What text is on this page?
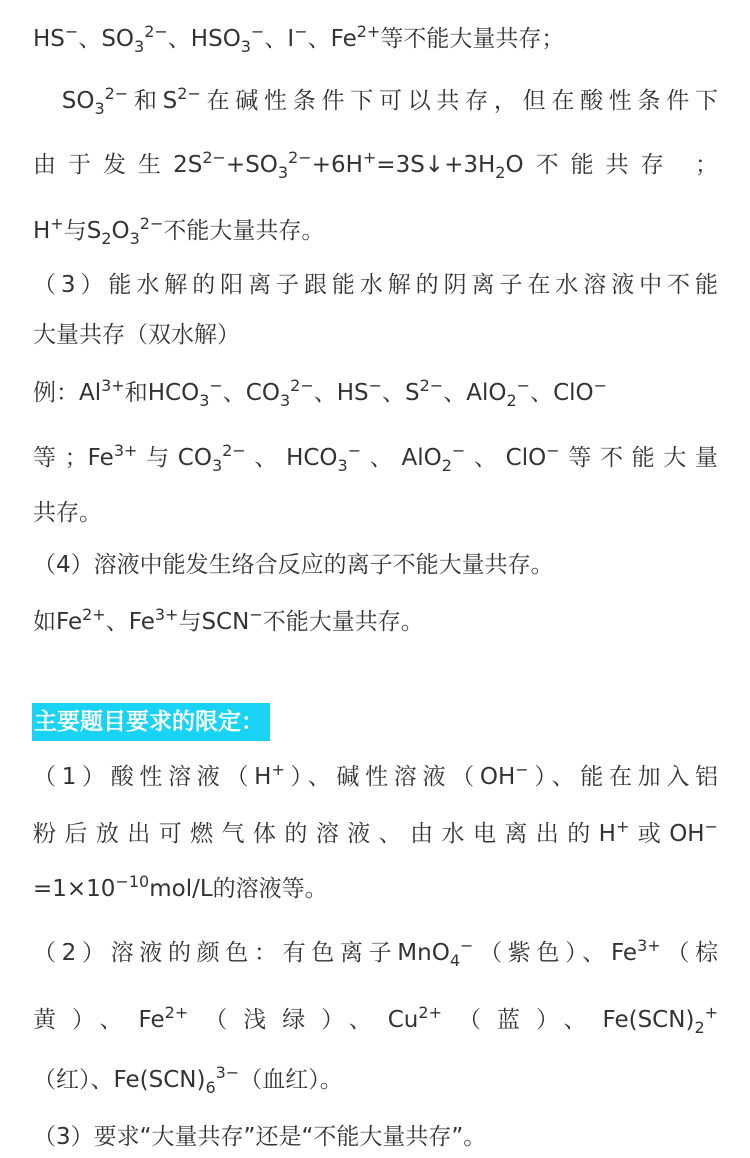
主要题目要求的限定：
HS−、$SO_3^{2-}$、$HSO_3^-$、I−、$Fe^{2+}$等不能大量共存；
　$SO_3^{2-}$和$S^{2-}$在碱性条件下可以共存，但在酸性条件下
由于发生$2S^{2-}+SO_3^{2-}+6H^+=3S↓+3H_2O$不能共存 ；
H+与$S_2O_3^{2-}$不能大量共存。
（3）能水解的阳离子跟能水解的阴离子在水溶液中不能
大量共存（双水解）
例：$Al^{3+}$和$HCO_3^-$、$CO_3^{2-}$、HS−、$S^{2-}$、AlO$_2$−、ClO−
等；$Fe^{3+}$与$CO_3^{2-}$、$HCO_3^-$、AlO$_2$−、ClO−等不能大量
共存。
（4）溶液中能发生络合反应的离子不能大量共存。
如$Fe^{2+}$、$Fe^{3+}$与SCN−不能大量共存。
（1）酸性溶液（H+）、碱性溶液（OH−）、能在加入铝
粉后放出可燃气体的溶液、由水电离出的H+或OH−
$=1\times 10^{-10}mol/L$的溶液等。
（2）溶液的颜色：有色离子MnO$_4$−（紫色）、$Fe^{3+}$（棕
黄）、$Fe^{2+}$（浅绿）、$Cu^{2+}$（蓝）、$Fe(SCN)_2^+$
（红）、$Fe(SCN)_6^{3-}$（血红）。
（3）要求“大量共存”还是“不能大量共存”。
